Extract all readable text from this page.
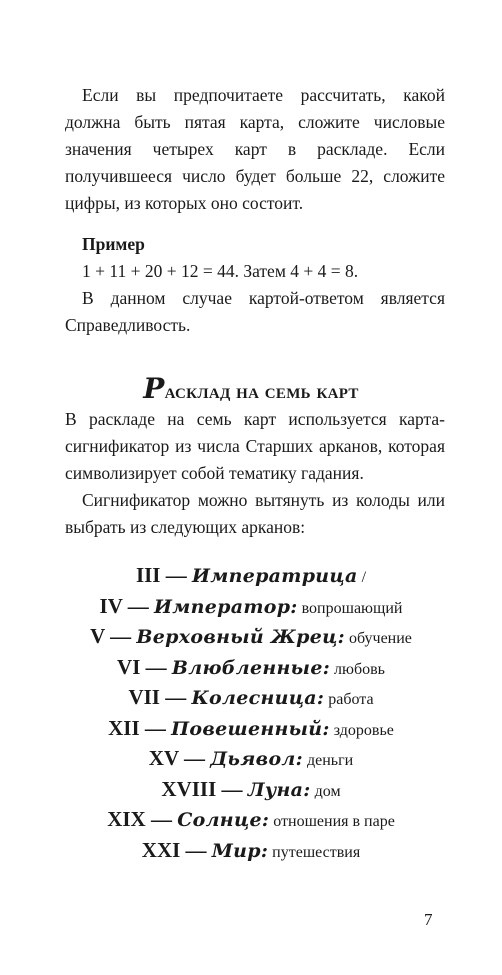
Если вы предпочитаете рассчитать, какой должна быть пятая карта, сложите числовые значения четырех карт в раскладе. Если получившееся число будет больше 22, сложите цифры, из которых оно состоит.

Пример

1 + 11 + 20 + 12 = 44. Затем 4 + 4 = 8.

В данном случае картой-ответом является Справедливость.

Расклад на семь карт

В раскладе на семь карт используется карта-сигнификатор из числа Старших арканов, которая символизирует собой тематику гадания.

Сигнификатор можно вытянуть из колоды или выбрать из следующих арканов:

III — Императрица /
IV — Император: вопрошающий
V — Верховный Жрец: обучение
VI — Влюбленные: любовь
VII — Колесница: работа
XII — Повешенный: здоровье
XV — Дьявол: деньги
XVIII — Луна: дом
XIX — Солнце: отношения в паре
XXI — Мир: путешествия
7
